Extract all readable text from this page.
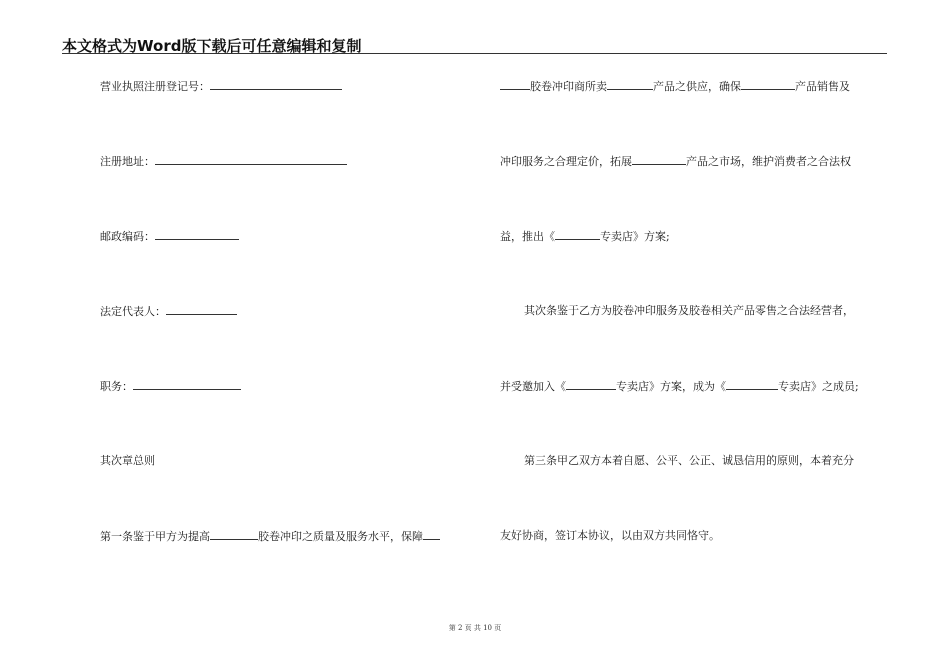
本文格式为Word版下载后可任意编辑和复制
营业执照注册登记号：
注册地址：
邮政编码：
法定代表人：
职务：
其次章总则
第一条鉴于甲方为提高	胶卷冲印之质量及服务水平，保障
胶卷冲印商所卖	产品之供应，确保	产品销售及
冲印服务之合理定价，拓展	产品之市场，维护消费者之合法权
益，推出《	专卖店》方案;
其次条鉴于乙方为胶卷冲印服务及胶卷相关产品零售之合法经营者，
并受邀加入《	专卖店》方案，成为《	专卖店》之成员;
第三条甲乙双方本着自愿、公平、公正、诚恳信用的原则，本着充分
友好协商，签订本协议，以由双方共同恪守。
第 2 页 共 10 页
